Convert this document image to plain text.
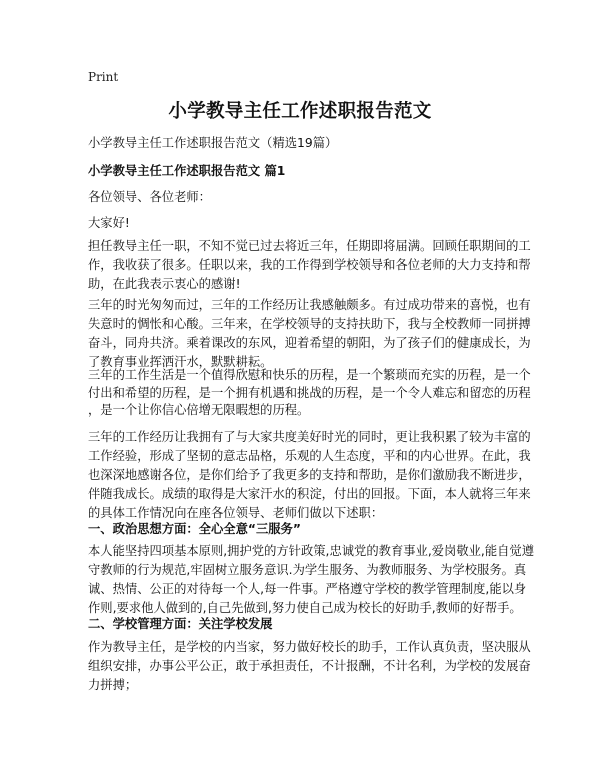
Print
小学教导主任工作述职报告范文
小学教导主任工作述职报告范文（精选19篇）
小学教导主任工作述职报告范文 篇1
各位领导、各位老师：
大家好!
担任教导主任一职，不知不觉已过去将近三年，任期即将届满。回顾任职期间的工
作，我收获了很多。任职以来，我的工作得到学校领导和各位老师的大力支持和帮
助，在此我表示衷心的感谢!
三年的时光匆匆而过，三年的工作经历让我感触颇多。有过成功带来的喜悦，也有
失意时的惆怅和心酸。三年来，在学校领导的支持扶助下，我与全校教师一同拼搏
奋斗，同舟共济。乘着课改的东风，迎着希望的朝阳，为了孩子们的健康成长，为
了教育事业挥洒汗水，默默耕耘。
三年的工作生活是一个值得欣慰和快乐的历程，是一个繁琐而充实的历程，是一个
付出和希望的历程，是一个拥有机遇和挑战的历程，是一个令人难忘和留恋的历程
，是一个让你信心倍增无限暇想的历程。
三年的工作经历让我拥有了与大家共度美好时光的同时，更让我积累了较为丰富的
工作经验，形成了坚韧的意志品格，乐观的人生态度，平和的内心世界。在此，我
也深深地感谢各位，是你们给予了我更多的支持和帮助，是你们激励我不断进步，
伴随我成长。成绩的取得是大家汗水的积淀，付出的回报。下面，本人就将三年来
的具体工作情况向在座各位领导、老师们做以下述职：
一、政治思想方面：全心全意“三服务”
本人能坚持四项基本原则,拥护党的方针政策,忠诚党的教育事业,爱岗敬业,能自觉遵
守教师的行为规范,牢固树立服务意识.为学生服务、为教师服务、为学校服务。真
诚、热情、公正的对待每一个人,每一件事。严格遵守学校的教学管理制度,能以身
作则,要求他人做到的,自己先做到,努力使自己成为校长的好助手,教师的好帮手。
二、学校管理方面：关注学校发展
作为教导主任，是学校的内当家，努力做好校长的助手，工作认真负责，坚决服从
组织安排，办事公平公正，敢于承担责任，不计报酬，不计名利，为学校的发展奋
力拼搏；
